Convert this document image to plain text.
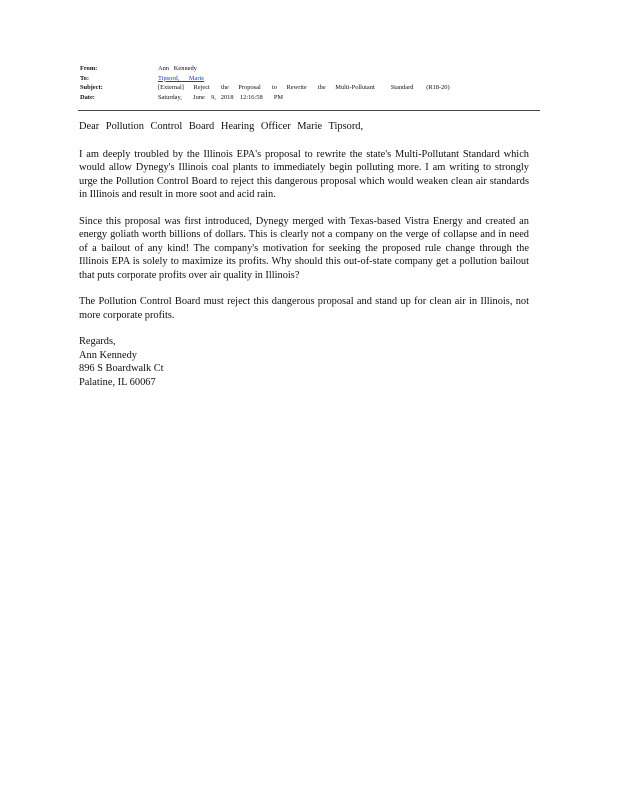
From:	Ann   Kennedy
To:	Tipsord,      Marie
Subject:	[External]      Reject       the      Proposal       to      Rewrite       the      Multi-Pollutant          Standard        (R18-20)
Date:	Saturday,       June    9,   2018    12:16:58       PM

Dear Pollution Control Board Hearing Officer Marie Tipsord,

I am deeply troubled by the Illinois EPA's proposal to rewrite the state's Multi-Pollutant Standard which would allow Dynegy's Illinois coal plants to immediately begin polluting more. I am writing to strongly urge the Pollution Control Board to reject this dangerous proposal which would weaken clean air standards in Illinois and result in more soot and acid rain.

Since this proposal was first introduced, Dynegy merged with Texas-based Vistra Energy and created an energy goliath worth billions of dollars. This is clearly not a company on the verge of collapse and in need of a bailout of any kind! The company's motivation for seeking the proposed rule change through the Illinois EPA is solely to maximize its profits. Why should this out-of-state company get a pollution bailout that puts corporate profits over air quality in Illinois?

The Pollution Control Board must reject this dangerous proposal and stand up for clean air in Illinois, not more corporate profits.

Regards,

Ann Kennedy

896 S Boardwalk Ct

Palatine, IL 60067
